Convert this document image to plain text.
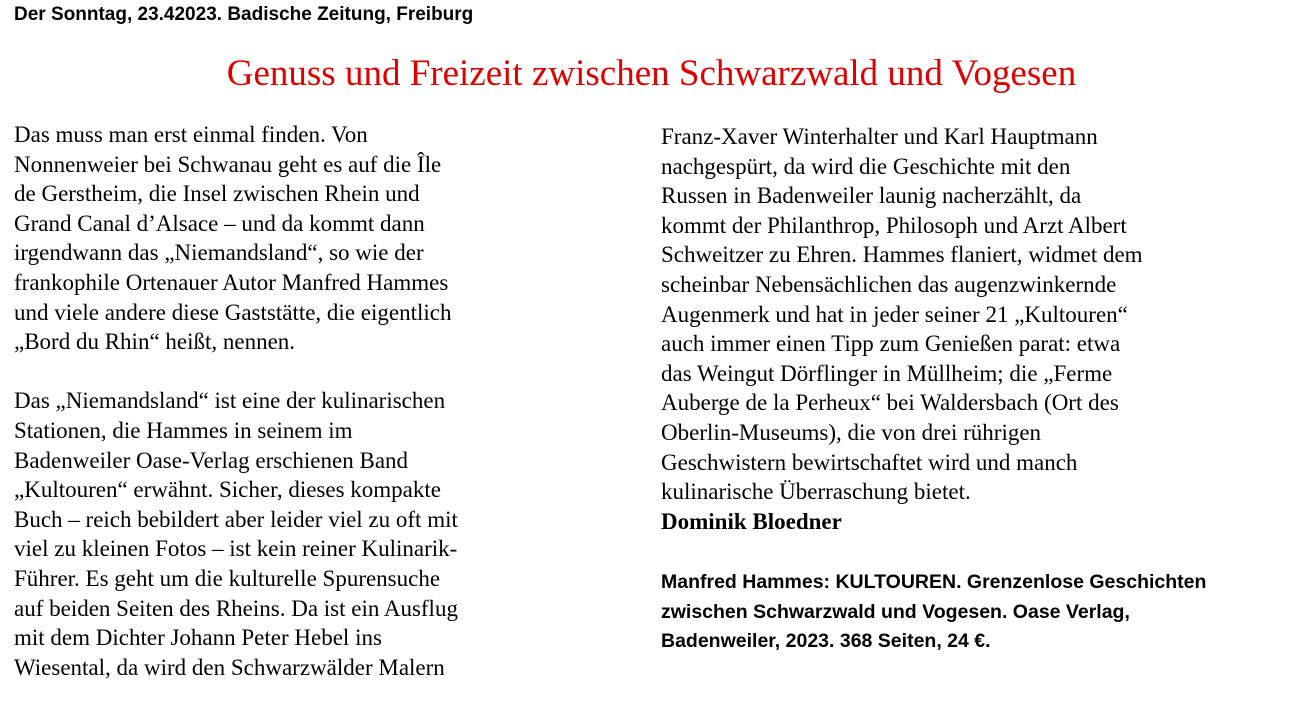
Der Sonntag, 23.42023. Badische Zeitung, Freiburg
Genuss und Freizeit zwischen Schwarzwald und Vogesen
Das muss man erst einmal finden. Von
Nonnenweier bei Schwanau geht es auf die Île
de Gerstheim, die Insel zwischen Rhein und
Grand Canal d’Alsace – und da kommt dann
irgendwann das „Niemandsland“, so wie der
frankophile Ortenauer Autor Manfred Hammes
und viele andere diese Gaststätte, die eigentlich
„Bord du Rhin“ heißt, nennen.
Das „Niemandsland“ ist eine der kulinarischen
Stationen, die Hammes in seinem im
Badenweiler Oase-Verlag erschienen Band
„Kultouren“ erwähnt. Sicher, dieses kompakte
Buch – reich bebildert aber leider viel zu oft mit
viel zu kleinen Fotos – ist kein reiner Kulinarik-
Führer. Es geht um die kulturelle Spurensuche
auf beiden Seiten des Rheins. Da ist ein Ausflug
mit dem Dichter Johann Peter Hebel ins
Wiesental, da wird den Schwarzwälder Malern
Franz-Xaver Winterhalter und Karl Hauptmann
nachgespürt, da wird die Geschichte mit den
Russen in Badenweiler launig nacherzählt, da
kommt der Philanthrop, Philosoph und Arzt Albert
Schweitzer zu Ehren. Hammes flaniert, widmet dem
scheinbar Nebensächlichen das augenzwinkernde
Augenmerk und hat in jeder seiner 21 „Kultouren“
auch immer einen Tipp zum Genießen parat: etwa
das Weingut Dörflinger in Müllheim; die „Ferme
Auberge de la Perheux“ bei Waldersbach (Ort des
Oberlin-Museums), die von drei rührigen
Geschwistern bewirtschaftet wird und manch
kulinarische Überraschung bietet.
Dominik Bloedner
Manfred Hammes: KULTOUREN. Grenzenlose Geschichten
zwischen Schwarzwald und Vogesen. Oase Verlag,
Badenweiler, 2023. 368 Seiten, 24 €.
